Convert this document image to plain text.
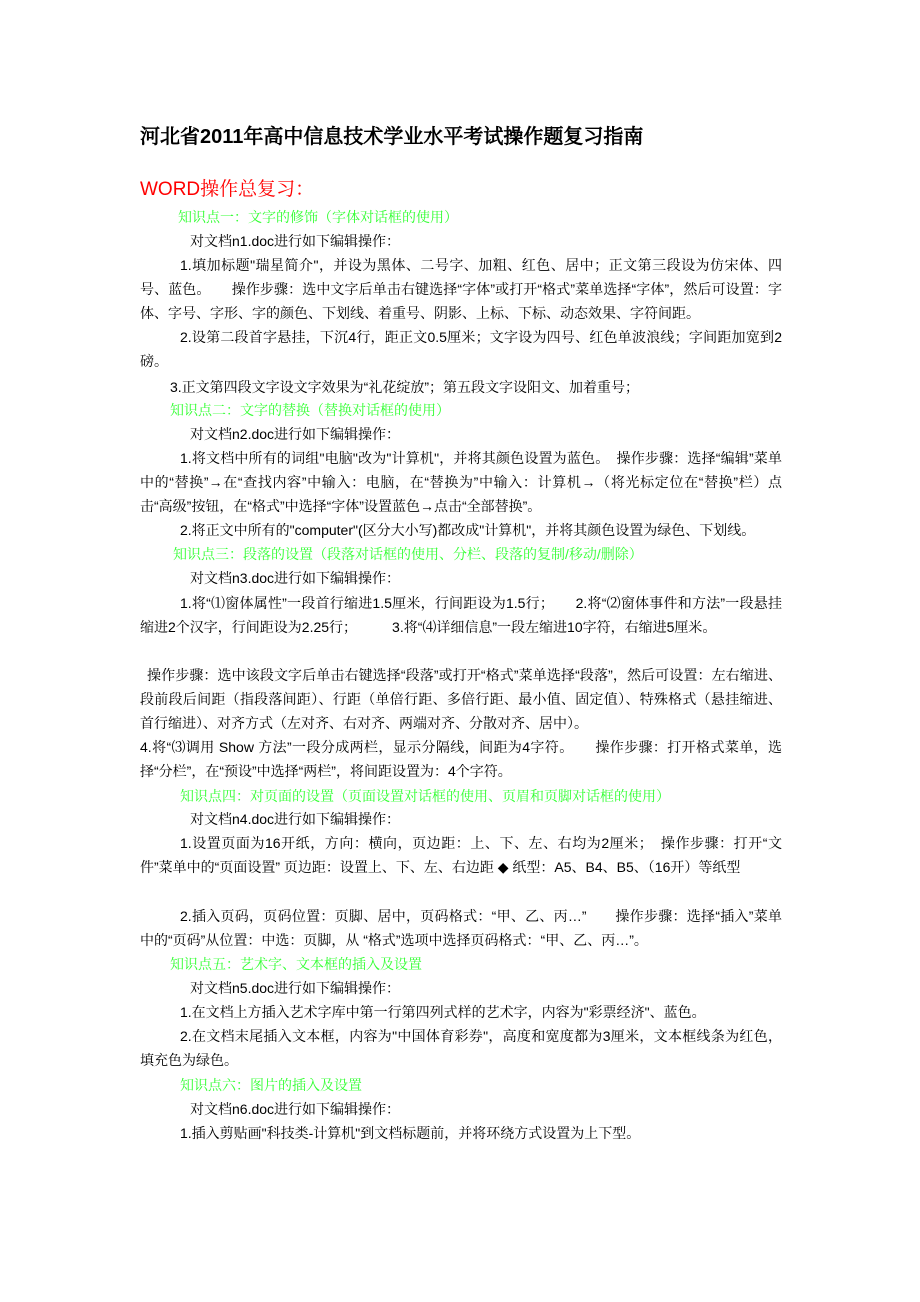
河北省2011年高中信息技术学业水平考试操作题复习指南
WORD操作总复习：

知识点一：文字的修饰（字体对话框的使用）

对文档n1.doc进行如下编辑操作：

1.填加标题"瑞星简介"，并设为黑体、二号字、加粗、红色、居中；正文第三段设为仿宋体、四号、蓝色。　　操作步骤：选中文字后单击右键选择“字体”或打开“格式”菜单选择“字体”，然后可设置：字体、字号、字形、字的颜色、下划线、着重号、阴影、上标、下标、动态效果、字符间距。

2.设第二段首字悬挂，下沉4行，距正文0.5厘米；文字设为四号、红色单波浪线；字间距加宽到2磅。

3.正文第四段文字设文字效果为“礼花绽放”；第五段文字设阳文、加着重号；

知识点二：文字的替换（替换对话框的使用）

对文档n2.doc进行如下编辑操作：

1.将文档中所有的词组"电脑"改为"计算机"，并将其颜色设置为蓝色。　操作步骤：选择“编辑”菜单中的“替换”→在“查找内容”中输入：电脑，在“替换为”中输入：计算机→（将光标定位在“替换”栏）点击“高级”按钮，在“格式”中选择“字体”设置蓝色→点击“全部替换”。

2.将正文中所有的"computer"(区分大小写)都改成"计算机"，并将其颜色设置为绿色、下划线。

知识点三：段落的设置（段落对话框的使用、分栏、段落的复制/移动/删除）

对文档n3.doc进行如下编辑操作：

1.将“⑴窗体属性”一段首行缩进1.5厘米，行间距设为1.5行；　　2.将“⑵窗体事件和方法”一段悬挂缩进2个汉字，行间距设为2.25行；　　　3.将“⑷详细信息”一段左缩进10字符，右缩进5厘米。

操作步骤：选中该段文字后单击右键选择“段落”或打开“格式”菜单选择“段落”，然后可设置：左右缩进、段前段后间距（指段落间距）、行距（单倍行距、多倍行距、最小值、固定值）、特殊格式（悬挂缩进、首行缩进）、对齐方式（左对齐、右对齐、两端对齐、分散对齐、居中）。

4.将“⑶调用 Show 方法”一段分成两栏，显示分隔线，间距为4字符。　　操作步骤：打开格式菜单，选择“分栏”，在“预设”中选择“两栏”，将间距设置为：4个字符。

知识点四：对页面的设置（页面设置对话框的使用、页眉和页脚对话框的使用）

对文档n4.doc进行如下编辑操作：

1.设置页面为16开纸，方向：横向，页边距：上、下、左、右均为2厘米；　操作步骤：打开“文件”菜单中的“页面设置” 页边距：设置上、下、左、右边距 ◆ 纸型：A5、B4、B5、（16开）等纸型

2.插入页码，页码位置：页脚、居中，页码格式：“甲、乙、丙…”　　操作步骤：选择“插入”菜单中的“页码”从位置：中选：页脚，从 “格式”选项中选择页码格式：“甲、乙、丙…”。

知识点五：艺术字、文本框的插入及设置

对文档n5.doc进行如下编辑操作：

1.在文档上方插入艺术字库中第一行第四列式样的艺术字，内容为"彩票经济"、蓝色。

2.在文档末尾插入文本框，内容为"中国体育彩券"，高度和宽度都为3厘米，文本框线条为红色，填充色为绿色。

知识点六：图片的插入及设置

对文档n6.doc进行如下编辑操作：

1.插入剪贴画"科技类-计算机"到文档标题前，并将环绕方式设置为上下型。
